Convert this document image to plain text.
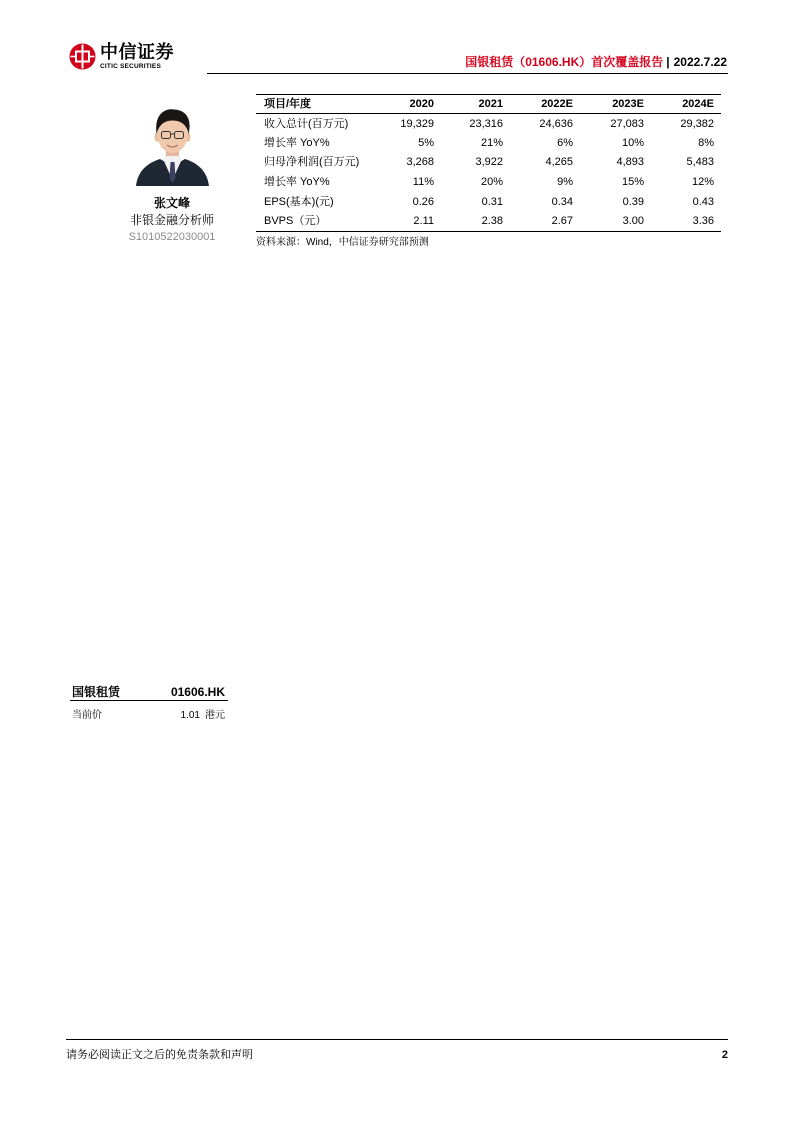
中信证券
CITIC SECURITIES	国银租赁（01606.HK）首次覆盖报告 | 2022.7.22
张文峰
非银金融分析师
S1010522030001
项目/年度	2020	2021	2022E	2023E	2024E
收入总计(百万元)	19,329	23,316	24,636	27,083	29,382
增长率 YoY%	5%	21%	6%	10%	8%
归母净利润(百万元)	3,268	3,922	4,265	4,893	5,483
增长率 YoY%	11%	20%	9%	15%	12%
EPS(基本)(元)	0.26	0.31	0.34	0.39	0.43
BVPS（元）	2.11	2.38	2.67	3.00	3.36
资料来源：Wind，中信证券研究部预测
国银租赁	01606.HK
当前价	1.01 港元
请务必阅读正文之后的免责条款和声明	2
